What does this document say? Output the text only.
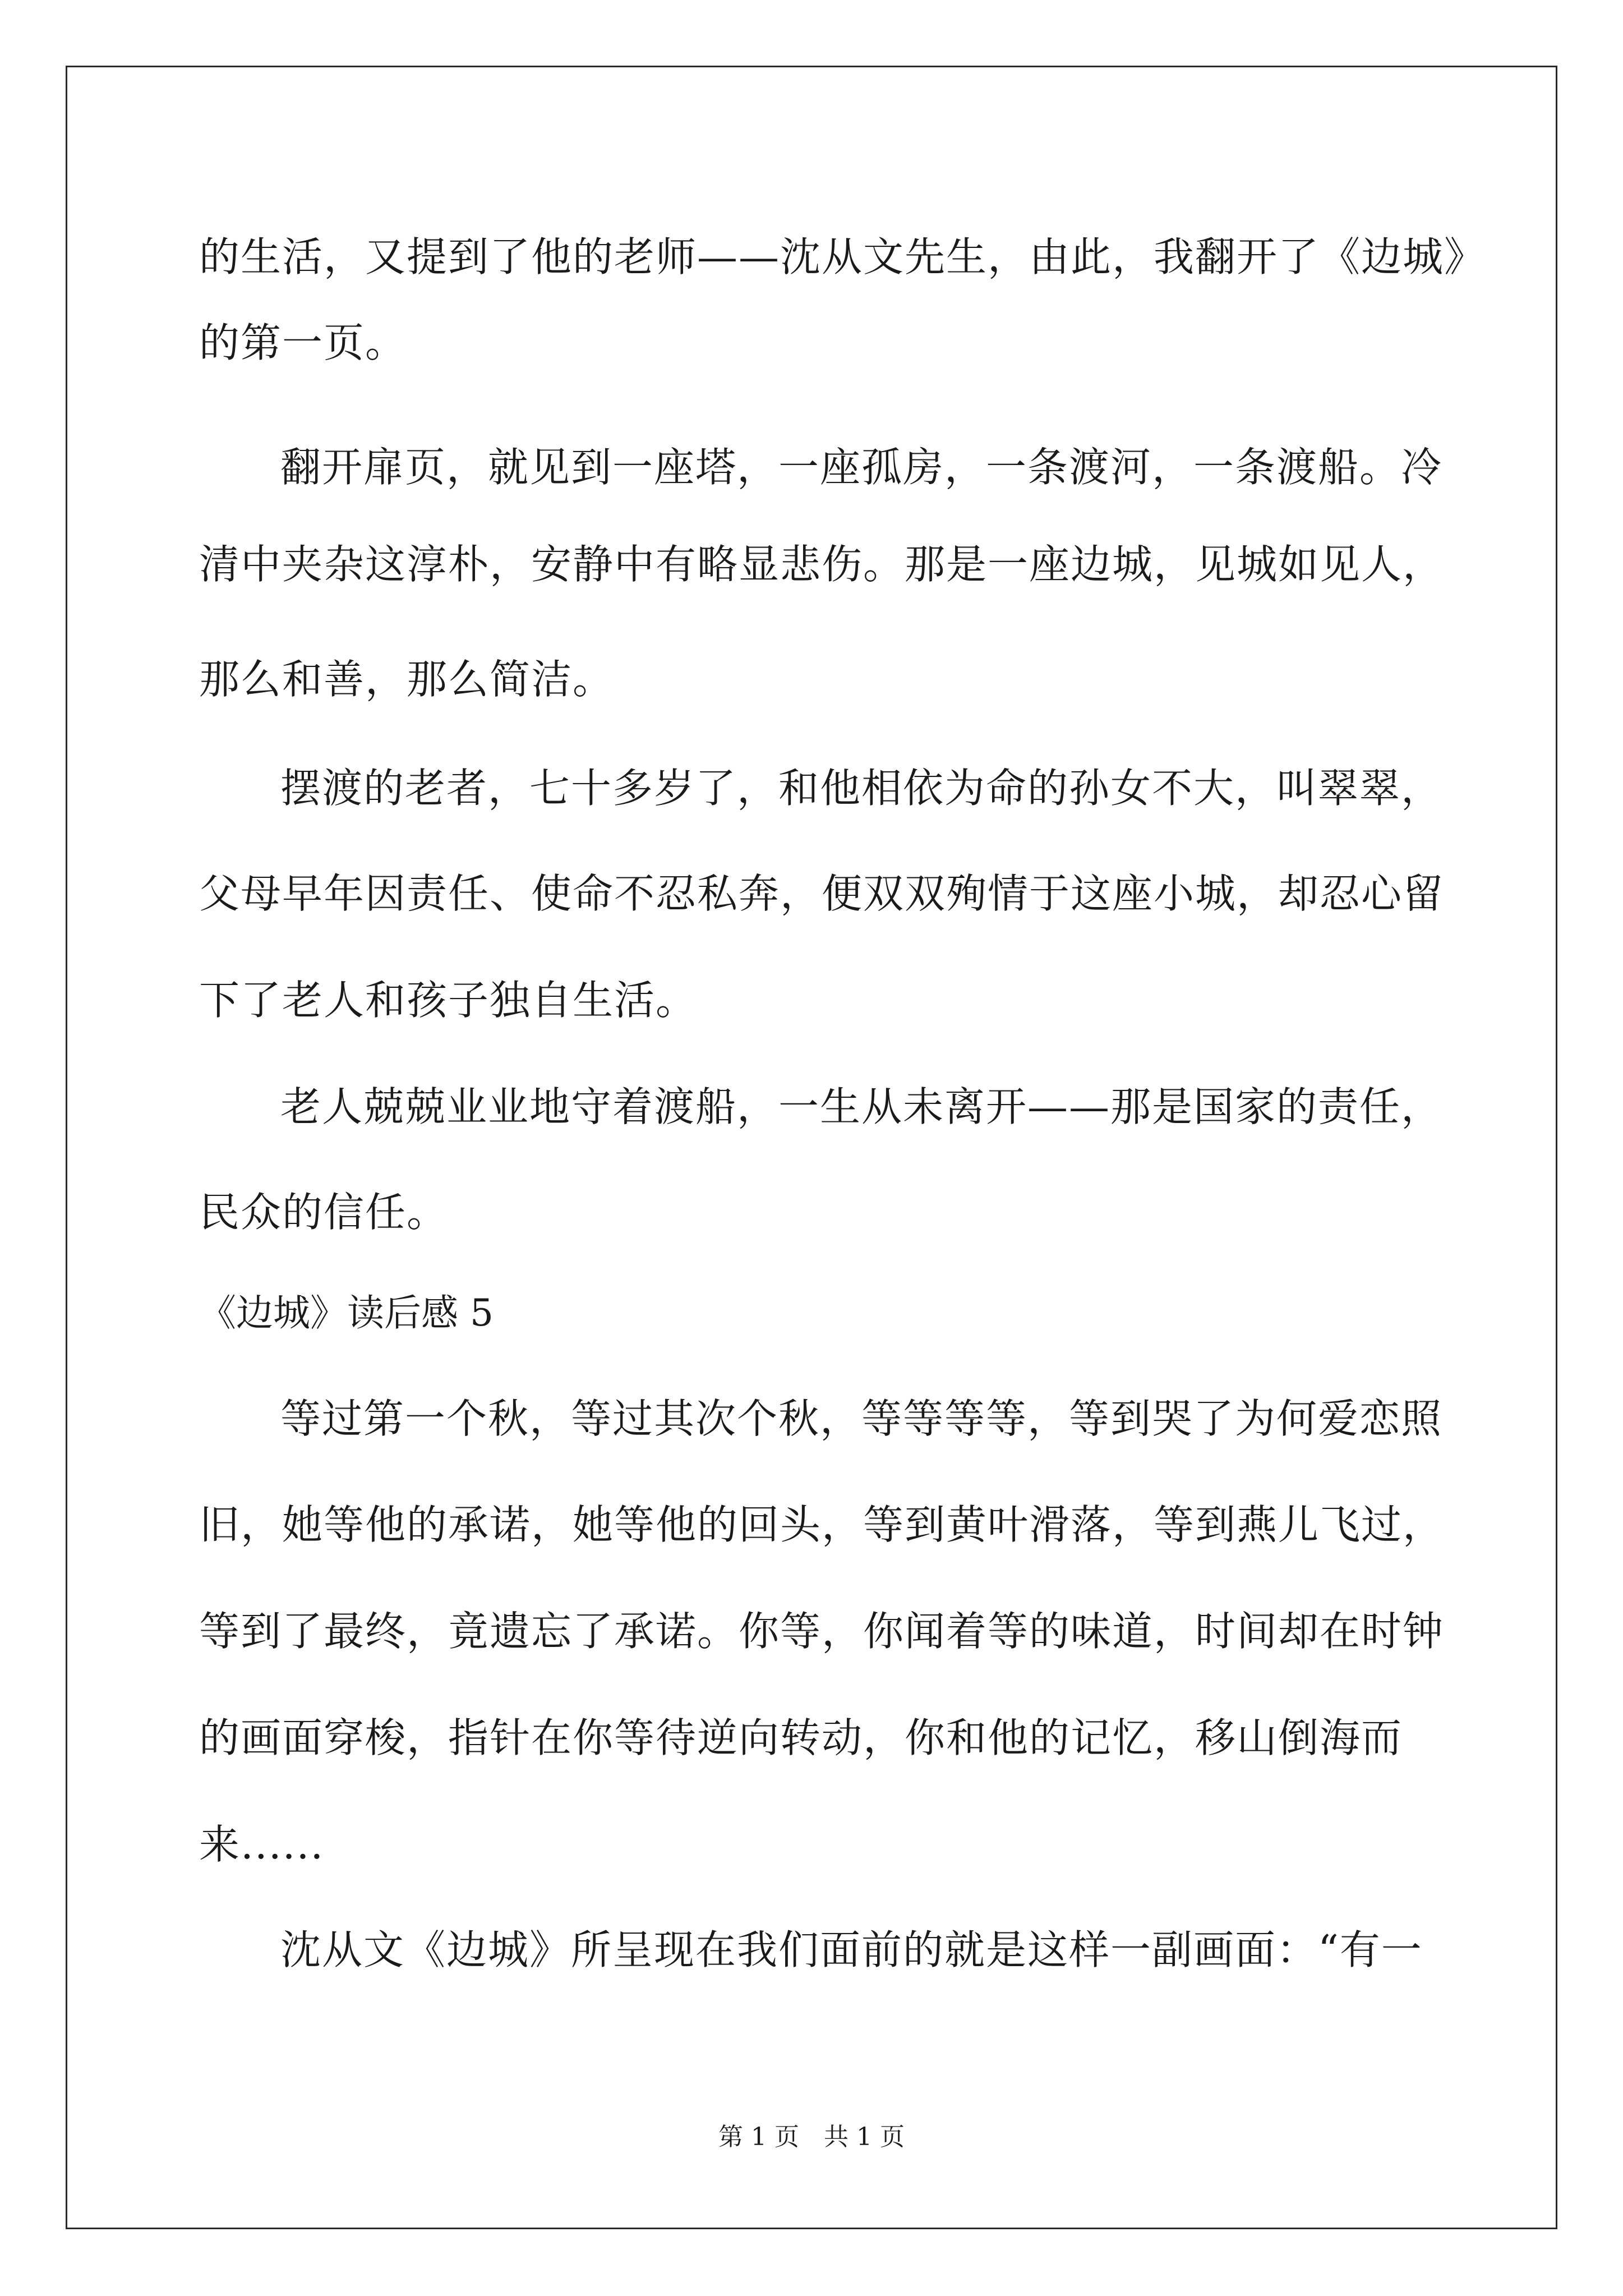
的生活，又提到了他的老师——沈从文先生，由此，我翻开了《边城》
的第一页。
翻开扉页，就见到一座塔，一座孤房，一条渡河，一条渡船。冷
清中夹杂这淳朴，安静中有略显悲伤。那是一座边城，见城如见人，
那么和善，那么简洁。
摆渡的老者，七十多岁了，和他相依为命的孙女不大，叫翠翠，
父母早年因责任、使命不忍私奔，便双双殉情于这座小城，却忍心留
下了老人和孩子独自生活。
老人兢兢业业地守着渡船，一生从未离开——那是国家的责任，
民众的信任。
《边城》读后感 5
等过第一个秋，等过其次个秋，等等等等，等到哭了为何爱恋照
旧，她等他的承诺，她等他的回头，等到黄叶滑落，等到燕儿飞过，
等到了最终，竟遗忘了承诺。你等，你闻着等的味道，时间却在时钟
的画面穿梭，指针在你等待逆向转动，你和他的记忆，移山倒海而
来......
沈从文《边城》所呈现在我们面前的就是这样一副画面：“有一
第 1 页　共 1 页
